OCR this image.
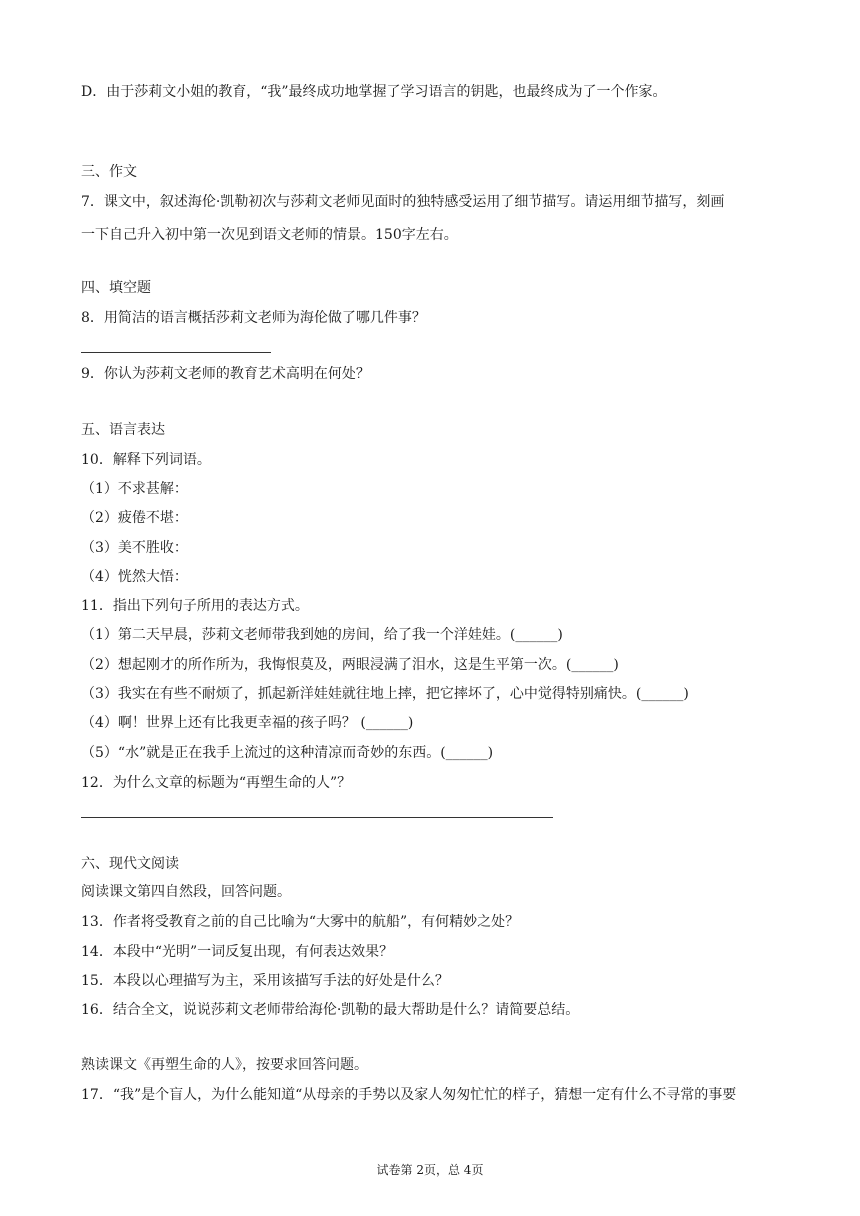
D．由于莎莉文小姐的教育，“我”最终成功地掌握了学习语言的钥匙，也最终成为了一个作家。
三、作文
7．课文中，叙述海伦·凯勒初次与莎莉文老师见面时的独特感受运用了细节描写。请运用细节描写，刻画
一下自己升入初中第一次见到语文老师的情景。150字左右。
四、填空题
8．用简洁的语言概括莎莉文老师为海伦做了哪几件事？
9．你认为莎莉文老师的教育艺术高明在何处？
五、语言表达
10．解释下列词语。
（1）不求甚解：
（2）疲倦不堪：
（3）美不胜收：
（4）恍然大悟：
11．指出下列句子所用的表达方式。
（1）第二天早晨，莎莉文老师带我到她的房间，给了我一个洋娃娃。(______)
（2）想起刚才的所作所为，我悔恨莫及，两眼浸满了泪水，这是生平第一次。(______)
（3）我实在有些不耐烦了，抓起新洋娃娃就往地上摔，把它摔坏了，心中觉得特别痛快。(______)
（4）啊！世界上还有比我更幸福的孩子吗？ (______)
（5）“水”就是正在我手上流过的这种清凉而奇妙的东西。(______)
12．为什么文章的标题为“再塑生命的人”？
六、现代文阅读
阅读课文第四自然段，回答问题。
13．作者将受教育之前的自己比喻为“大雾中的航船”，有何精妙之处？
14．本段中“光明”一词反复出现，有何表达效果？
15．本段以心理描写为主，采用该描写手法的好处是什么？
16．结合全文，说说莎莉文老师带给海伦·凯勒的最大帮助是什么？请简要总结。
熟读课文《再塑生命的人》，按要求回答问题。
17．“我”是个盲人，为什么能知道“从母亲的手势以及家人匆匆忙忙的样子，猜想一定有什么不寻常的事要
试卷第 2页，总 4页
